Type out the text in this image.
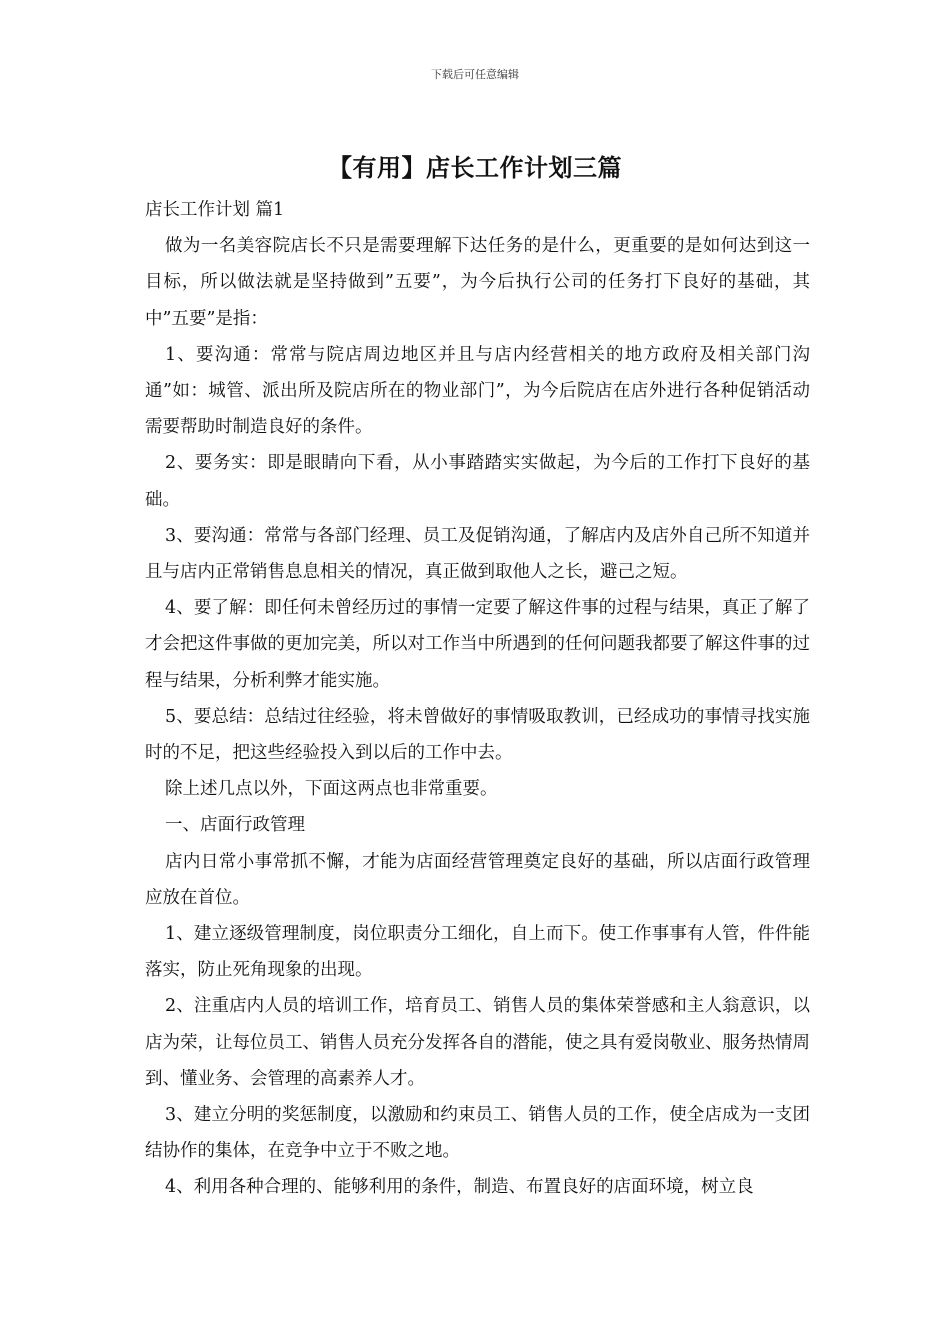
下载后可任意编辑
【有用】店长工作计划三篇

店长工作计划 篇1

做为一名美容院店长不只是需要理解下达任务的是什么，更重要的是如何达到这一目标，所以做法就是坚持做到”五要”，为今后执行公司的任务打下良好的基础，其中”五要”是指：

1、要沟通：常常与院店周边地区并且与店内经营相关的地方政府及相关部门沟通”如：城管、派出所及院店所在的物业部门”，为今后院店在店外进行各种促销活动需要帮助时制造良好的条件。

2、要务实：即是眼睛向下看，从小事踏踏实实做起，为今后的工作打下良好的基础。

3、要沟通：常常与各部门经理、员工及促销沟通，了解店内及店外自己所不知道并且与店内正常销售息息相关的情况，真正做到取他人之长，避己之短。

4、要了解：即任何未曾经历过的事情一定要了解这件事的过程与结果，真正了解了才会把这件事做的更加完美，所以对工作当中所遇到的任何问题我都要了解这件事的过程与结果，分析利弊才能实施。

5、要总结：总结过往经验，将未曾做好的事情吸取教训，已经成功的事情寻找实施时的不足，把这些经验投入到以后的工作中去。

除上述几点以外，下面这两点也非常重要。

一、店面行政管理

店内日常小事常抓不懈，才能为店面经营管理奠定良好的基础，所以店面行政管理应放在首位。

1、建立逐级管理制度，岗位职责分工细化，自上而下。使工作事事有人管，件件能落实，防止死角现象的出现。

2、注重店内人员的培训工作，培育员工、销售人员的集体荣誉感和主人翁意识，以店为荣，让每位员工、销售人员充分发挥各自的潜能，使之具有爱岗敬业、服务热情周到、懂业务、会管理的高素养人才。

3、建立分明的奖惩制度，以激励和约束员工、销售人员的工作，使全店成为一支团结协作的集体，在竞争中立于不败之地。

4、利用各种合理的、能够利用的条件，制造、布置良好的店面环境，树立良
